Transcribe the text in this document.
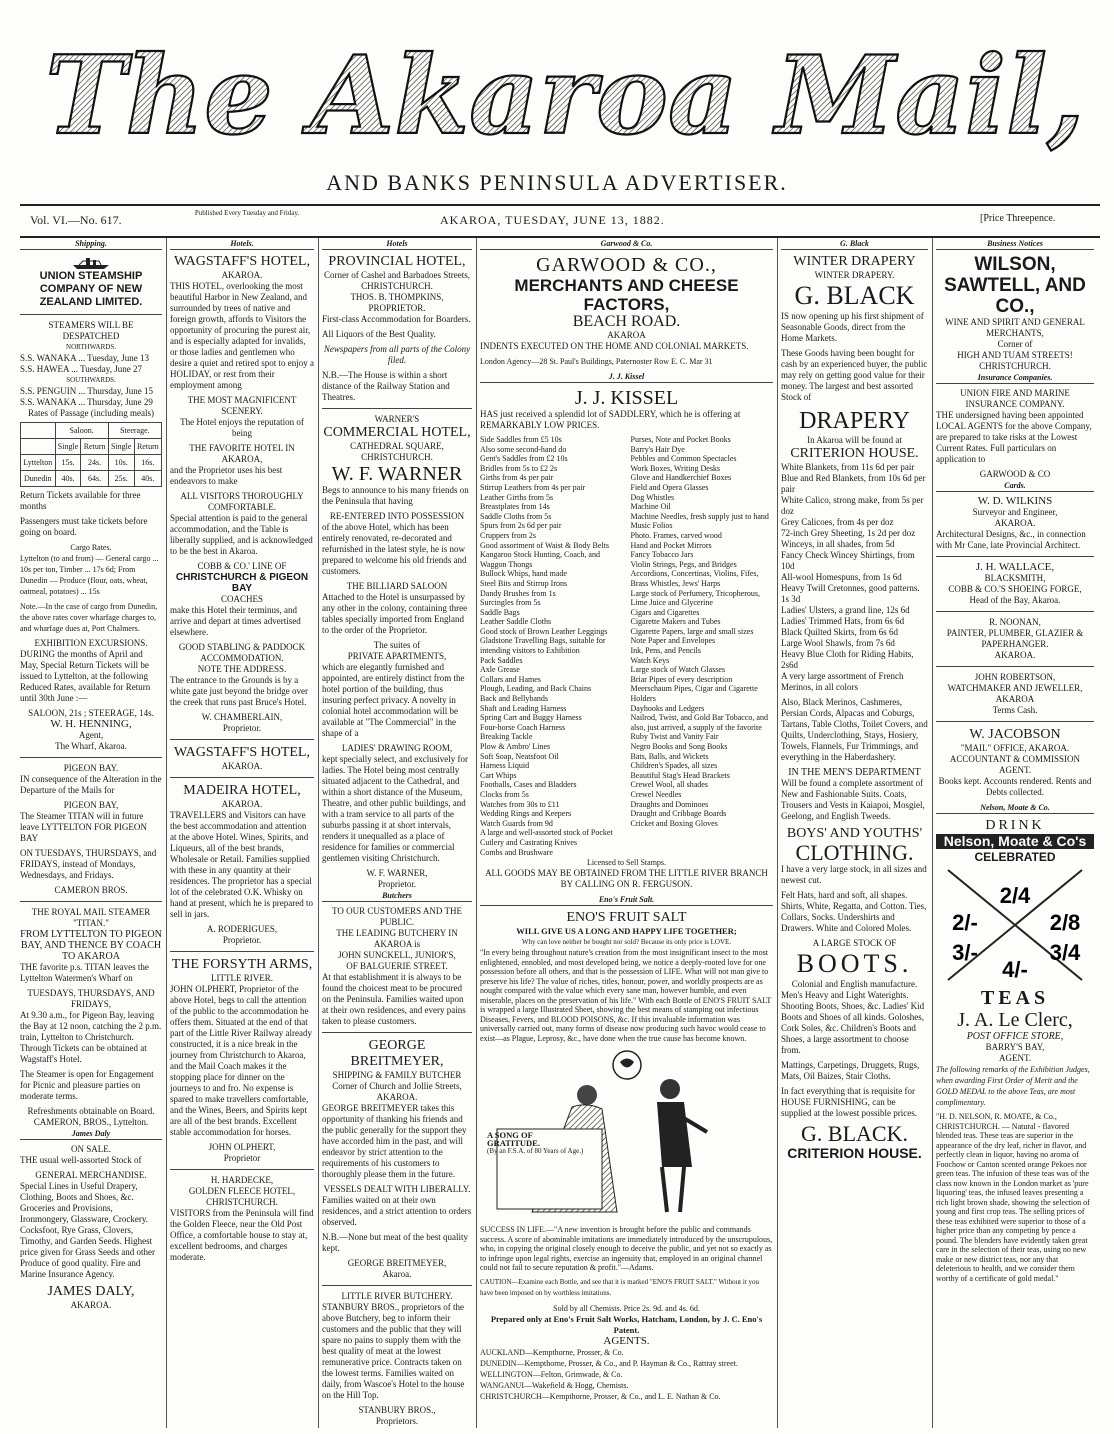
The Akaroa Mail,
AND BANKS PENINSULA ADVERTISER.
Vol. VI.—No. 617.	Published Every Tuesday and Friday.	AKAROA, TUESDAY, JUNE 13, 1882.	[Price Threepence.
Shipping.
UNION STEAMSHIP COMPANY OF NEW ZEALAND LIMITED.
STEAMERS WILL BE DESPATCHED
NORTHWARDS.
S.S. WANAKA ... Tuesday, June 13
S.S. HAWEA ... Tuesday, June 27
SOUTHWARDS.
S.S. PENGUIN ... Thursday, June 15
S.S. WANAKA ... Thursday, June 29
Rates of Passage (including meals)
	Saloon.		Steerage.	
	Single	Return	Single	Return
Lyttelton	15s.	24s.	10s.	16s.
Dunedin	40s.	64s.	25s.	40s.

Return Tickets available for three months

Passengers must take tickets before going on board.

Cargo Rates.

Lyttelton (to and from) — General cargo ... 10s per ton, Timber ... 17s 6d; From Dunedin — Produce (flour, oats, wheat, oatmeal, potatoes) ... 15s

Note.—In the case of cargo from Dunedin, the above rates cover wharfage charges to, and wharfage dues at, Port Chalmers.

EXHIBITION EXCURSIONS.

DURING the months of April and May, Special Return Tickets will be issued to Lyttelton, at the following Reduced Rates, available for Return until 30th June :—

SALOON, 21s ; STEERAGE, 14s.
W. H. HENNING,
Agent,
The Wharf, Akaroa.
PIGEON BAY.

IN consequence of the Alteration in the Departure of the Mails for

PIGEON BAY,

The Steamer TITAN will in future leave LYTTELTON FOR PIGEON BAY

ON TUESDAYS, THURSDAYS, and FRIDAYS, instead of Mondays, Wednesdays, and Fridays.

CAMERON BROS.
THE ROYAL MAIL STEAMER
"TITAN."
FROM LYTTELTON TO PIGEON BAY, AND THENCE BY COACH TO AKAROA

THE favorite p.s. TITAN leaves the Lyttelton Watermen's Wharf on

TUESDAYS, THURSDAYS, AND FRIDAYS,

At 9.30 a.m., for Pigeon Bay, leaving the Bay at 12 noon, catching the 2 p.m. train, Lyttelton to Christchurch. Through Tickets can be obtained at Wagstaff's Hotel.

The Steamer is open for Engagement for Picnic and pleasure parties on moderate terms.

Refreshments obtainable on Board.
CAMERON, BROS., Lyttelton.
James Daly
ON SALE.

THE usual well-assorted Stock of

GENERAL MERCHANDISE.

Special Lines in Useful Drapery, Clothing, Boots and Shoes, &c. Groceries and Provisions, Ironmongery, Glassware, Crockery. Cocksfoot, Rye Grass, Clovers, Timothy, and Garden Seeds. Highest price given for Grass Seeds and other Produce of good quality. Fire and Marine Insurance Agency.

JAMES DALY,
AKAROA.
Hotels.
WAGSTAFF'S HOTEL,
AKAROA.

THIS HOTEL, overlooking the most beautiful Harbor in New Zealand, and surrounded by trees of native and foreign growth, affords to Visitors the opportunity of procuring the purest air, and is especially adapted for invalids, or those ladies and gentlemen who desire a quiet and retired spot to enjoy a HOLIDAY, or rest from their employment among

THE MOST MAGNIFICENT SCENERY.

The Hotel enjoys the reputation of being

THE FAVORITE HOTEL IN AKAROA,

and the Proprietor uses his best endeavors to make

ALL VISITORS THOROUGHLY COMFORTABLE.

Special attention is paid to the general accommodation, and the Table is liberally supplied, and is acknowledged to be the best in Akaroa.

COBB & CO.' LINE OF
CHRISTCHURCH & PIGEON BAY
COACHES

make this Hotel their terminus, and arrive and depart at times advertised elsewhere.

GOOD STABLING & PADDOCK ACCOMMODATION.
NOTE THE ADDRESS.

The entrance to the Grounds is by a white gate just beyond the bridge over the creek that runs past Bruce's Hotel.

W. CHAMBERLAIN,
Proprietor.
WAGSTAFF'S HOTEL,
AKAROA.
MADEIRA HOTEL,
AKAROA.

TRAVELLERS and Visitors can have the best accommodation and attention at the above Hotel. Wines, Spirits, and Liqueurs, all of the best brands, Wholesale or Retail. Families supplied with these in any quantity at their residences. The proprietor has a special lot of the celebrated O.K. Whisky on hand at present, which he is prepared to sell in jars.

A. RODERIGUES,
Proprietor.
THE FORSYTH ARMS,
LITTLE RIVER.

JOHN OLPHERT, Proprietor of the above Hotel, begs to call the attention of the public to the accommodation he offers them. Situated at the end of that part of the Little River Railway already constructed, it is a nice break in the journey from Christchurch to Akaroa, and the Mail Coach makes it the stopping place for dinner on the journeys to and fro. No expense is spared to make travellers comfortable, and the Wines, Beers, and Spirits kept are all of the best brands. Excellent stable accommodation for horses.

JOHN OLPHERT,
Proprietor
H. HARDECKE,
GOLDEN FLEECE HOTEL,
CHRISTCHURCH.

VISITORS from the Peninsula will find the Golden Fleece, near the Old Post Office, a comfortable house to stay at, excellent bedrooms, and charges moderate.

Hotels
PROVINCIAL HOTEL,
Corner of Cashel and Barbadoes Streets,
CHRISTCHURCH.
THOS. B. THOMPKINS, PROPRIETOR.

First-class Accommodation for Boarders.

All Liquors of the Best Quality.

Newspapers from all parts of the Colony filed.

N.B.—The House is within a short distance of the Railway Station and Theatres.

WARNER'S
COMMERCIAL HOTEL,
CATHEDRAL SQUARE,
CHRISTCHURCH.
W. F. WARNER

Begs to announce to his many friends on the Peninsula that having

RE-ENTERED INTO POSSESSION

of the above Hotel, which has been entirely renovated, re-decorated and refurnished in the latest style, he is now prepared to welcome his old friends and customers.

THE BILLIARD SALOON

Attached to the Hotel is unsurpassed by any other in the colony, containing three tables specially imported from England to the order of the Proprietor.

The suites of
PRIVATE APARTMENTS,

which are elegantly furnished and appointed, are entirely distinct from the hotel portion of the building, thus insuring perfect privacy. A novelty in colonial hotel accommodation will be available at "The Commercial" in the shape of a

LADIES' DRAWING ROOM,

kept specially select, and exclusively for ladies. The Hotel being most centrally situated adjacent to the Cathedral, and within a short distance of the Museum, Theatre, and other public buildings, and with a tram service to all parts of the suburbs passing it at short intervals, renders it unequalled as a place of residence for families or commercial gentlemen visiting Christchurch.

W. F. WARNER,
Proprietor.
Butchers
TO OUR CUSTOMERS AND THE PUBLIC.
THE LEADING BUTCHERY IN AKAROA is
JOHN SUNCKELL, JUNIOR'S,
OF BALGUERIE STREET.

At that establishment it is always to be found the choicest meat to be procured on the Peninsula. Families waited upon at their own residences, and every pains taken to please customers.

GEORGE BREITMEYER,
SHIPPING & FAMILY BUTCHER
Corner of Church and Jollie Streets,
AKAROA.

GEORGE BREITMEYER takes this opportunity of thanking his friends and the public generally for the support they have accorded him in the past, and will endeavor by strict attention to the requirements of his customers to thoroughly please them in the future.

VESSELS DEALT WITH LIBERALLY.

Families waited on at their own residences, and a strict attention to orders observed.

N.B.—None but meat of the best quality kept.

GEORGE BREITMEYER,
Akaroa.
LITTLE RIVER BUTCHERY.

STANBURY BROS., proprietors of the above Butchery, beg to inform their customers and the public that they will spare no pains to supply them with the best quality of meat at the lowest remunerative price. Contracts taken on the lowest terms. Families waited on daily, from Wascoe's Hotel to the house on the Hill Top.

STANBURY BROS.,
Proprietors.
Garwood & Co.
GARWOOD & CO.,
MERCHANTS AND CHEESE FACTORS,
BEACH ROAD.
AKAROA

INDENTS EXECUTED ON THE HOME AND COLONIAL MARKETS.

London Agency—28 St. Paul's Buildings, Paternoster Row E. C. Mar 31

J. J. Kissel
J. J. KISSEL

HAS just received a splendid lot of SADDLERY, which he is offering at REMARKABLY LOW PRICES.

Side Saddles from £5 10s
Also some second-hand do
Gent's Saddles from £2 10s
Bridles from 5s to £2 2s
Girths from 4s per pair
Stirrup Leathers from 4s per pair
Leather Girths from 5s
Breastplates from 14s
Saddle Cloths from 5s
Spurs from 2s 6d per pair
Cruppers from 2s
Good assortment of Waist & Body Belts
Kangaroo Stock Hunting, Coach, and Waggon Thongs
Bullock Whips, hand made
Steel Bits and Stirrup Irons
Dandy Brushes from 1s
Surcingles from 5s
Saddle Bags
Leather Saddle Cloths
Good stock of Brown Leather Leggings
Gladstone Travelling Bags, suitable for intending visitors to Exhibition
Pack Saddles
Axle Grease
Collars and Hames
Plough, Leading, and Back Chains
Back and Bellybands
Shaft and Leading Harness
Spring Cart and Buggy Harness
Four-horse Coach Harness
Breaking Tackle
Plow & Ambro' Lines
Soft Soap, Neatsfoot Oil
Harness Liquid
Cart Whips
Footballs, Cases and Bladders
Clocks from 5s
Watches from 30s to £11
Wedding Rings and Keepers
Watch Guards from 9d
A large and well-assorted stock of Pocket Cutlery and Castrating Knives
Combs and Brushware
Purses, Note and Pocket Books
Barry's Hair Dye
Pebbles and Common Spectacles
Work Boxes, Writing Desks
Glove and Handkerchief Boxes
Field and Opera Glasses
Dog Whistles
Machine Oil
Machine Needles, fresh supply just to hand
Music Folios
Photo. Frames, carved wood
Hand and Pocket Mirrors
Fancy Tobacco Jars
Violin Strings, Pegs, and Bridges
Accordions, Concertinas, Violins, Fifes, Brass Whistles, Jews' Harps
Large stock of Perfumery, Tricopherous, Lime Juice and Glycerine
Cigars and Cigarettes
Cigarette Makers and Tubes
Cigarette Papers, large and small sizes
Note Paper and Envelopes
Ink, Pens, and Pencils
Watch Keys
Large stock of Watch Glasses
Briar Pipes of every description
Meerschaum Pipes, Cigar and Cigarette Holders
Dayhooks and Ledgers
Nailrod, Twist, and Gold Bar Tobacco, and also, just arrived, a supply of the favorite Ruby Twist and Vanity Fair
Negro Books and Song Books
Bats, Balls, and Wickets
Children's Spades, all sizes
Beautiful Stag's Head Brackets
Crewel Wool, all shades
Crewel Needles
Draughts and Dominoes
Draught and Cribbage Boards
Cricket and Boxing Gloves
Licensed to Sell Stamps.

ALL GOODS MAY BE OBTAINED FROM THE LITTLE RIVER BRANCH BY CALLING ON R. FERGUSON.

Eno's Fruit Salt.
ENO'S FRUIT SALT
WILL GIVE US A LONG AND HAPPY LIFE TOGETHER;
Why can love neither be bought nor sold? Because its only price is LOVE.

"In every being throughout nature's creation from the most insignificant insect to the most enlightened, ennobled, and most developed being, we notice a deeply-rooted love for one possession before all others, and that is the possession of LIFE. What will not man give to preserve his life? The value of riches, titles, honour, power, and worldly prospects are as nought compared with the value which every sane man, however humble, and even miserable, places on the preservation of his life." With each Bottle of ENO'S FRUIT SALT is wrapped a large Illustrated Sheet, showing the best means of stamping out infectious Diseases, Fevers, and BLOOD POISONS, &c. If this invaluable information was universally carried out, many forms of disease now producing such havoc would cease to exist—as Plague, Leprosy, &c., have done when the true cause has become known.

A SONG OF GRATITUDE.
(By an F.S.A. of 80 Years of Age.)

SUCCESS IN LIFE.—"A new invention is brought before the public and commands success. A score of abominable imitations are immediately introduced by the unscrupulous, who, in copying the original closely enough to deceive the public, and yet not so exactly as to infringe upon legal rights, exercise an ingenuity that, employed in an original channel could not fail to secure reputation & profit."—Adams.

CAUTION—Examine each Bottle, and see that it is marked "ENO'S FRUIT SALT." Without it you have been imposed on by worthless imitations.

Sold by all Chemists. Price 2s. 9d. and 4s. 6d.
Prepared only at Eno's Fruit Salt Works, Hatcham, London, by J. C. Eno's Patent.
AGENTS.
AUCKLAND—Kempthorne, Prosser, & Co.
DUNEDIN—Kempthorne, Prosser, & Co., and P. Hayman & Co., Rattray street.
WELLINGTON—Felton, Grimwade, & Co.
WANGANUI—Wakefield & Hogg, Chemists.
CHRISTCHURCH—Kempthorne, Prosser, & Co., and L. E. Nathan & Co.
G. Black
WINTER DRAPERY
WINTER DRAPERY.
G. BLACK

IS now opening up his first shipment of Seasonable Goods, direct from the Home Markets.

These Goods having been bought for cash by an experienced buyer, the public may rely on getting good value for their money. The largest and best assorted Stock of

DRAPERY
In Akaroa will be found at
CRITERION HOUSE.
White Blankets, from 11s 6d per pair
Blue and Red Blankets, from 10s 6d per pair
White Calico, strong make, from 5s per doz
Grey Calicoes, from 4s per doz
72-inch Grey Sheeting, 1s 2d per doz
Winceys, in all shades, from 5d
Fancy Check Wincey Shirtings, from 10d
All-wool Homespuns, from 1s 6d
Heavy Twill Cretonnes, good patterns. 1s 3d
Ladies' Ulsters, a grand line, 12s 6d
Ladies' Trimmed Hats, from 6s 6d
Black Quilted Skirts, from 6s 6d
Large Wool Shawls, from 7s 6d
Heavy Blue Cloth for Riding Habits, 2s6d

A very large assortment of French Merinos, in all colors

Also, Black Merinos, Cashmeres, Persian Cords, Alpacas and Coburgs, Tartans, Table Cloths, Toilet Covers, and Quilts, Underclothing, Stays, Hosiery, Towels, Flannels, Fur Trimmings, and everything in the Haberdashery.

IN THE MEN'S DEPARTMENT

Will be found a complete assortment of New and Fashionable Suits. Coats, Trousers and Vests in Kaiapoi, Mosgiel, Geelong, and English Tweeds.

BOYS' AND YOUTHS'
CLOTHING.

I have a very large stock, in all sizes and newest cut.

Felt Hats, hard and soft, all shapes. Shirts, White, Regatta, and Cotton. Ties, Collars, Socks. Undershirts and Drawers. White and Colored Moles.

A LARGE STOCK OF
BOOTS.
Colonial and English manufacture.

Men's Heavy and Light Waterights. Shooting Boots, Shoes, &c. Ladies' Kid Boots and Shoes of all kinds. Goloshes, Cork Soles, &c. Children's Boots and Shoes, a large assortment to choose from.

Mattings, Carpetings, Druggets, Rugs, Mats, Oil Baizes, Stair Cloths.

In fact everything that is requisite for HOUSE FURNISHING, can be supplied at the lowest possible prices.

G. BLACK.
CRITERION HOUSE.
Business Notices
WILSON, SAWTELL, AND CO.,
WINE AND SPIRIT AND GENERAL MERCHANTS,
Corner of
HIGH AND TUAM STREETS!
CHRISTCHURCH.
Insurance Companies.
UNION FIRE AND MARINE INSURANCE COMPANY.

THE undersigned having been appointed LOCAL AGENTS for the above Company, are prepared to take risks at the Lowest Current Rates. Full particulars on application to

GARWOOD & CO
Cards.
W. D. WILKINS
Surveyor and Engineer,
AKAROA.

Architectural Designs, &c., in connection with Mr Cane, late Provincial Architect.

J. H. WALLACE,
BLACKSMITH,
COBB & CO.'S SHOEING FORGE,
Head of the Bay, Akaroa.
R. NOONAN,
PAINTER, PLUMBER, GLAZIER & PAPERHANGER.
AKAROA.
JOHN ROBERTSON,
WATCHMAKER AND JEWELLER,
AKAROA
Terms Cash.
W. JACOBSON
"MAIL" OFFICE, AKAROA.
ACCOUNTANT & COMMISSION AGENT.

Books kept. Accounts rendered. Rents and Debts collected.

Nelson, Moate & Co.
DRINK
Nelson, Moate & Co's
CELEBRATED
2/4
2/-	2/8
3/-	3/4
4/-
TEAS
J. A. Le Clerc,
POST OFFICE STORE,
BARRY'S BAY,
AGENT.

The following remarks of the Exhibition Judges, when awarding First Order of Merit and the GOLD MEDAL to the above Teas, are most complimentary.

"H. D. NELSON, R. MOATE, & Co., CHRISTCHURCH. — Natural - flavored blended teas. These teas are superior in the appearance of the dry leaf, richer in flavor, and perfectly clean in liquor, having no aroma of Foochow or Canton scented orange Pekoes nor green teas. The infusion of these teas was of the class now known in the London market as 'pure liquoring' teas, the infused leaves presenting a rich light brown shade, showing the selection of young and first crop teas. The selling prices of these teas exhibited were superior to those of a higher price than any competing by pence a pound. The blenders have evidently taken great care in the selection of their teas, using no new make or new district teas, nor any that deleterious to health, and we consider them worthy of a certificate of gold medal."
